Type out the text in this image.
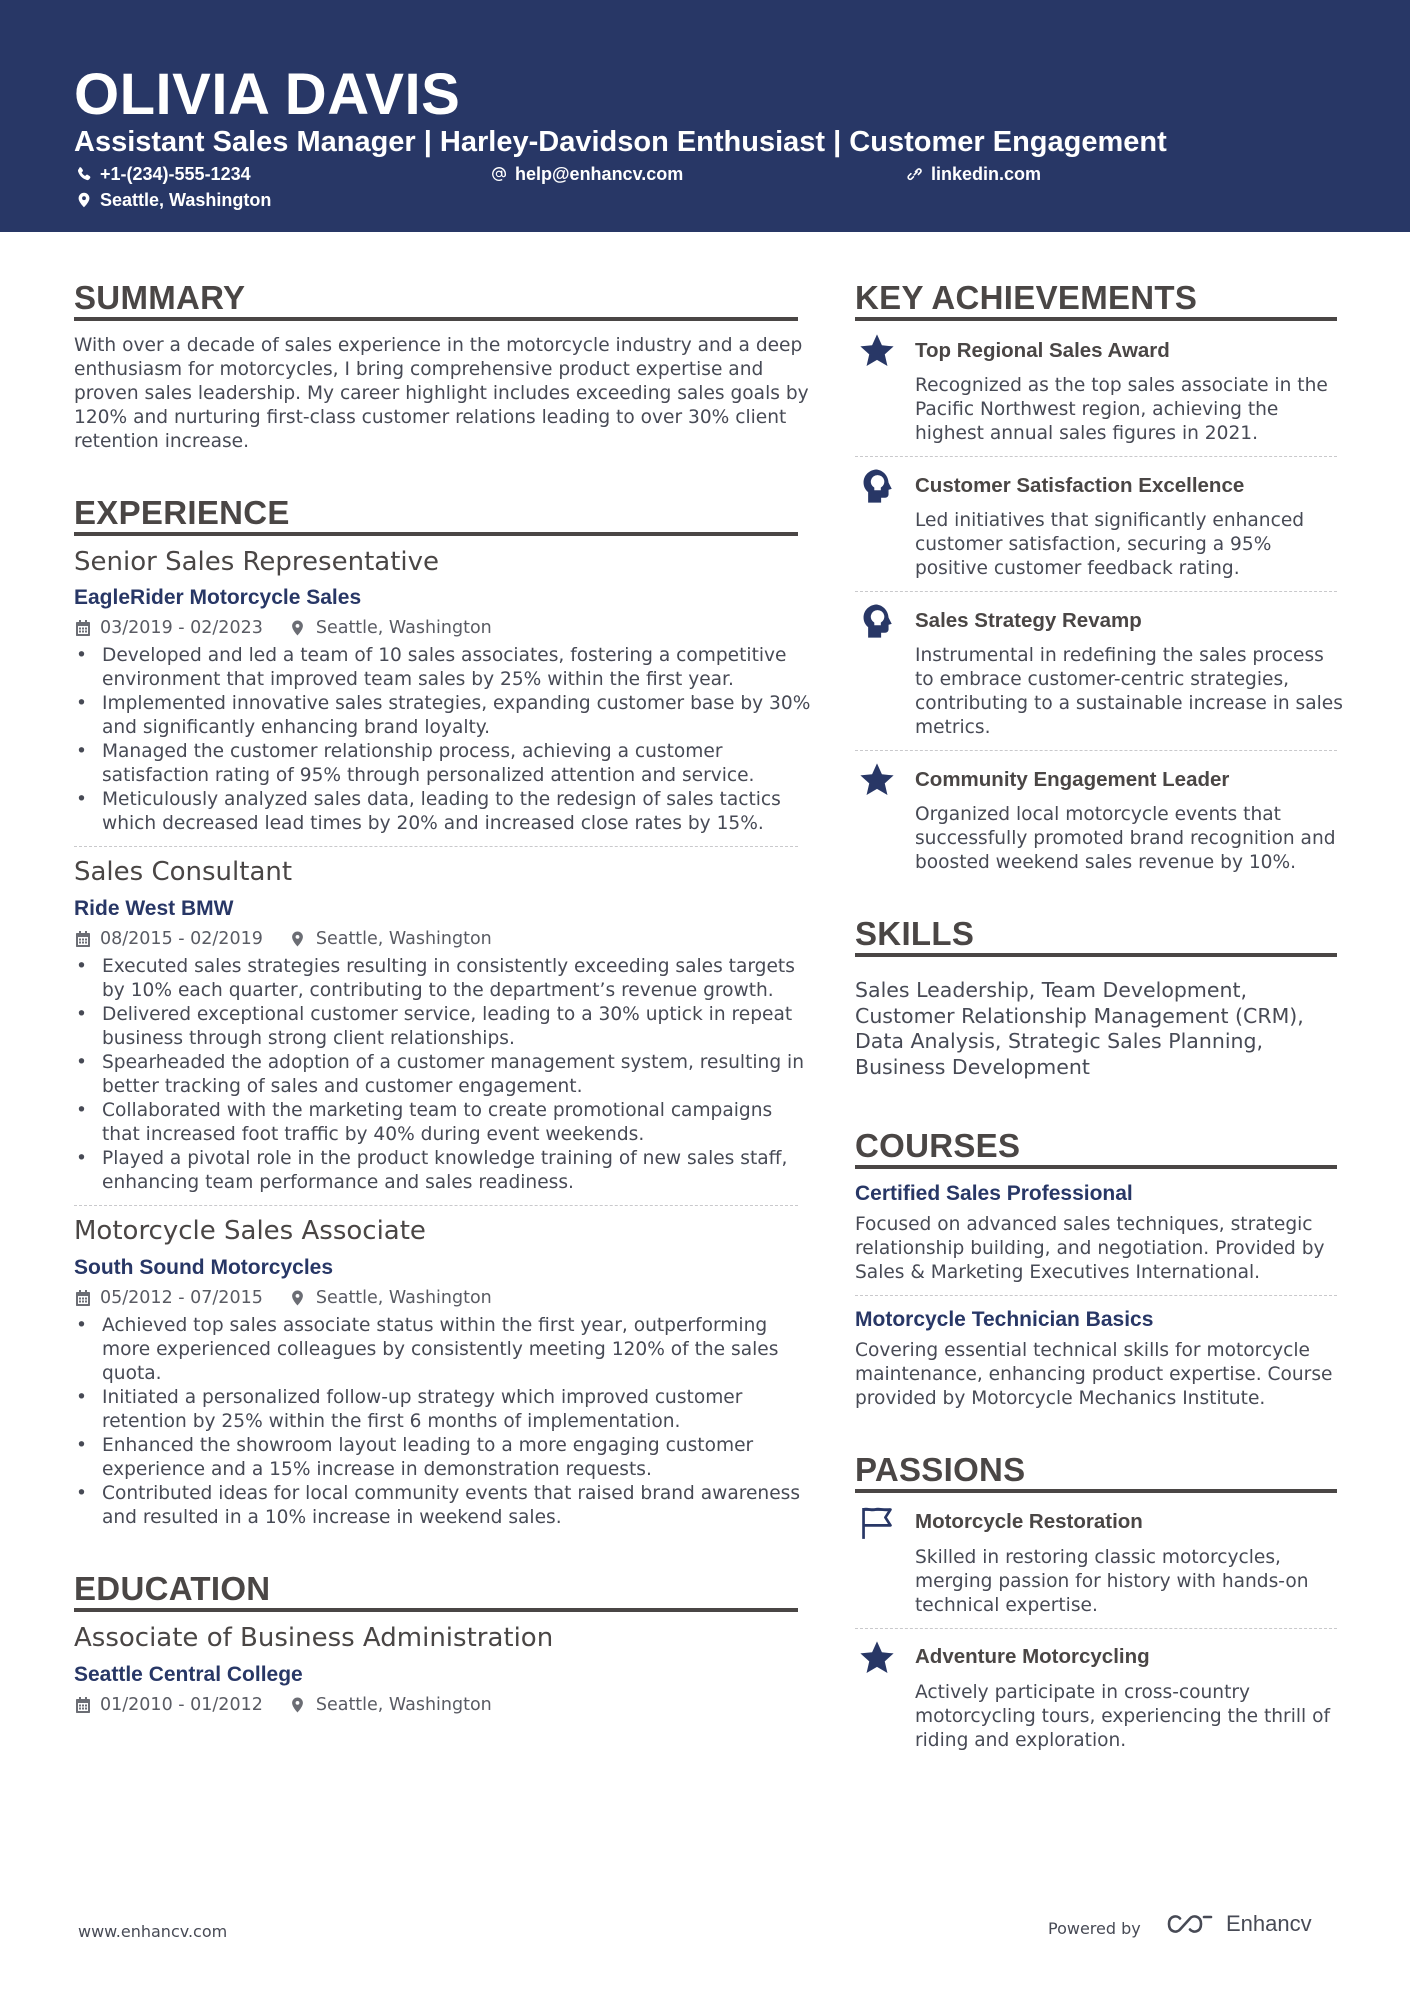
OLIVIA DAVIS
Assistant Sales Manager | Harley-Davidson Enthusiast | Customer Engagement
+1-(234)-555-1234	help@enhancv.com	linkedin.com
Seattle, Washington
SUMMARY
With over a decade of sales experience in the motorcycle industry and a deep
enthusiasm for motorcycles, I bring comprehensive product expertise and
proven sales leadership. My career highlight includes exceeding sales goals by
120% and nurturing first-class customer relations leading to over 30% client
retention increase.
EXPERIENCE
Senior Sales Representative
EagleRider Motorcycle Sales
03/2019 - 02/2023	Seattle, Washington
• Developed and led a team of 10 sales associates, fostering a competitive
environment that improved team sales by 25% within the first year.
• Implemented innovative sales strategies, expanding customer base by 30%
and significantly enhancing brand loyalty.
• Managed the customer relationship process, achieving a customer
satisfaction rating of 95% through personalized attention and service.
• Meticulously analyzed sales data, leading to the redesign of sales tactics
which decreased lead times by 20% and increased close rates by 15%.
Sales Consultant
Ride West BMW
08/2015 - 02/2019	Seattle, Washington
• Executed sales strategies resulting in consistently exceeding sales targets
by 10% each quarter, contributing to the department’s revenue growth.
• Delivered exceptional customer service, leading to a 30% uptick in repeat
business through strong client relationships.
• Spearheaded the adoption of a customer management system, resulting in
better tracking of sales and customer engagement.
• Collaborated with the marketing team to create promotional campaigns
that increased foot traffic by 40% during event weekends.
• Played a pivotal role in the product knowledge training of new sales staff,
enhancing team performance and sales readiness.
Motorcycle Sales Associate
South Sound Motorcycles
05/2012 - 07/2015	Seattle, Washington
• Achieved top sales associate status within the first year, outperforming
more experienced colleagues by consistently meeting 120% of the sales
quota.
• Initiated a personalized follow-up strategy which improved customer
retention by 25% within the first 6 months of implementation.
• Enhanced the showroom layout leading to a more engaging customer
experience and a 15% increase in demonstration requests.
• Contributed ideas for local community events that raised brand awareness
and resulted in a 10% increase in weekend sales.
EDUCATION
Associate of Business Administration
Seattle Central College
01/2010 - 01/2012	Seattle, Washington
KEY ACHIEVEMENTS
Top Regional Sales Award
Recognized as the top sales associate in the
Pacific Northwest region, achieving the
highest annual sales figures in 2021.
Customer Satisfaction Excellence
Led initiatives that significantly enhanced
customer satisfaction, securing a 95%
positive customer feedback rating.
Sales Strategy Revamp
Instrumental in redefining the sales process
to embrace customer-centric strategies,
contributing to a sustainable increase in sales
metrics.
Community Engagement Leader
Organized local motorcycle events that
successfully promoted brand recognition and
boosted weekend sales revenue by 10%.
SKILLS
Sales Leadership, Team Development,
Customer Relationship Management (CRM),
Data Analysis, Strategic Sales Planning,
Business Development
COURSES
Certified Sales Professional
Focused on advanced sales techniques, strategic
relationship building, and negotiation. Provided by
Sales & Marketing Executives International.
Motorcycle Technician Basics
Covering essential technical skills for motorcycle
maintenance, enhancing product expertise. Course
provided by Motorcycle Mechanics Institute.
PASSIONS
Motorcycle Restoration
Skilled in restoring classic motorcycles,
merging passion for history with hands-on
technical expertise.
Adventure Motorcycling
Actively participate in cross-country
motorcycling tours, experiencing the thrill of
riding and exploration.
www.enhancv.com	Powered by	Enhancv
